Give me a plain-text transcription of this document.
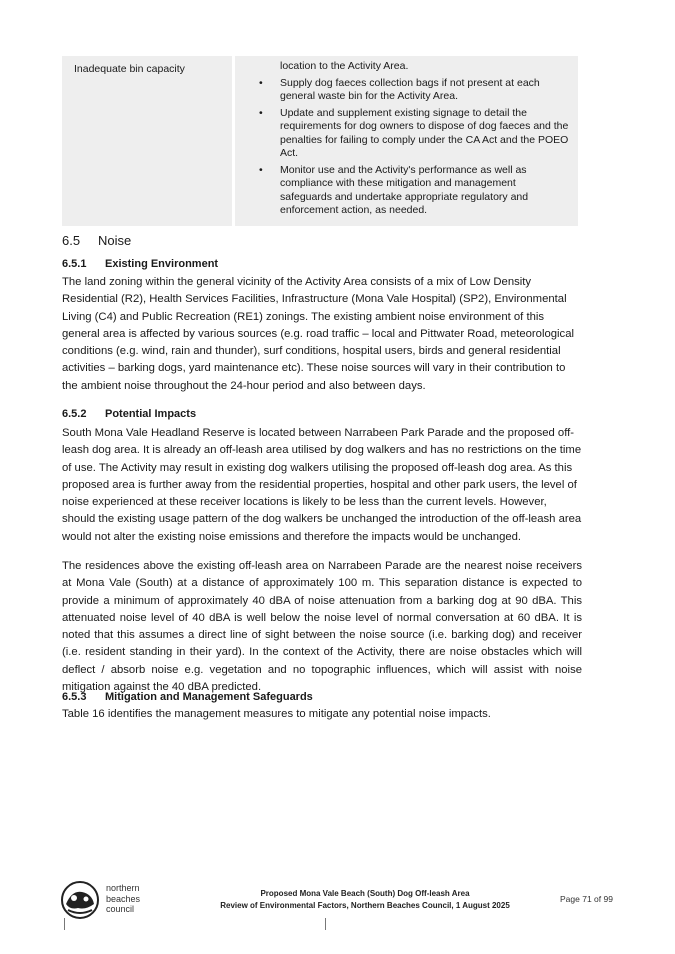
Inadequate bin capacity	location to the Activity Area.

• Supply dog faeces collection bags if not present at each general waste bin for the Activity Area.
• Update and supplement existing signage to detail the requirements for dog owners to dispose of dog faeces and the penalties for failing to comply under the CA Act and the POEO Act.
• Monitor use and the Activity's performance as well as compliance with these mitigation and management safeguards and undertake appropriate regulatory and enforcement action, as needed.
6.5 Noise
6.5.1 Existing Environment

The land zoning within the general vicinity of the Activity Area consists of a mix of Low Density Residential (R2), Health Services Facilities, Infrastructure (Mona Vale Hospital) (SP2), Environmental Living (C4) and Public Recreation (RE1) zonings. The existing ambient noise environment of this general area is affected by various sources (e.g. road traffic – local and Pittwater Road, meteorological conditions (e.g. wind, rain and thunder), surf conditions, hospital users, birds and general residential activities – barking dogs, yard maintenance etc). These noise sources will vary in their contribution to the ambient noise throughout the 24-hour period and also between days.

6.5.2 Potential Impacts

South Mona Vale Headland Reserve is located between Narrabeen Park Parade and the proposed off-leash dog area. It is already an off-leash area utilised by dog walkers and has no restrictions on the time of use. The Activity may result in existing dog walkers utilising the proposed off-leash dog area. As this proposed area is further away from the residential properties, hospital and other park users, the level of noise experienced at these receiver locations is likely to be less than the current levels. However, should the existing usage pattern of the dog walkers be unchanged the introduction of the off-leash area would not alter the existing noise emissions and therefore the impacts would be unchanged.

The residences above the existing off-leash area on Narrabeen Parade are the nearest noise receivers at Mona Vale (South) at a distance of approximately 100 m. This separation distance is expected to provide a minimum of approximately 40 dBA of noise attenuation from a barking dog at 90 dBA. This attenuated noise level of 40 dBA is well below the noise level of normal conversation at 60 dBA. It is noted that this assumes a direct line of sight between the noise source (i.e. barking dog) and receiver (i.e. resident standing in their yard). In the context of the Activity, there are noise obstacles which will deflect / absorb noise e.g. vegetation and no topographic influences, which will assist with noise mitigation against the 40 dBA predicted.

6.5.3 Mitigation and Management Safeguards

Table 16 identifies the management measures to mitigate any potential noise impacts.

northern
beaches
council
Proposed Mona Vale Beach (South) Dog Off-leash Area
Review of Environmental Factors, Northern Beaches Council, 1 August 2025
Page 71 of 99
